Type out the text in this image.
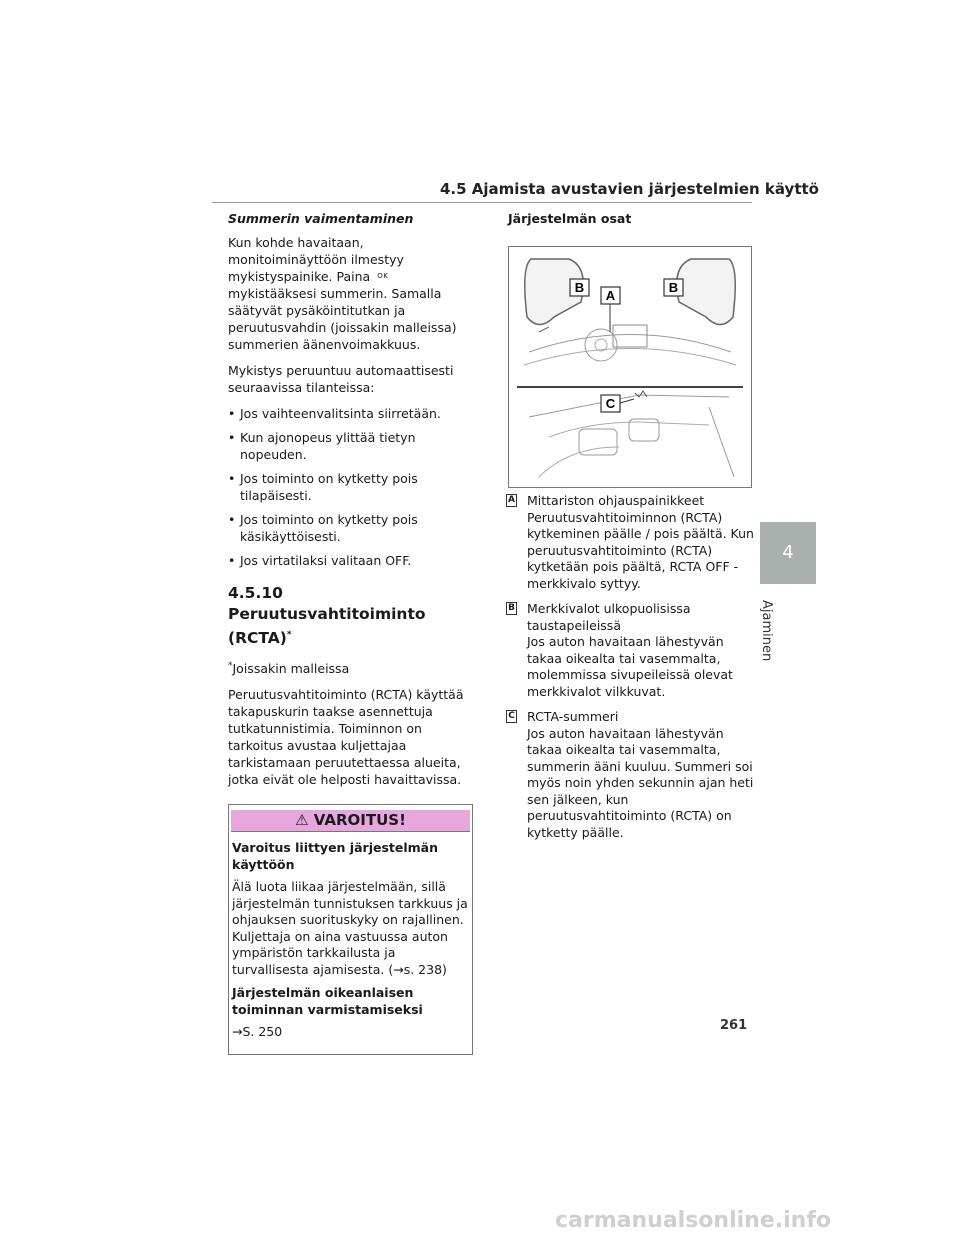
4.5 Ajamista avustavien järjestelmien käyttö
Summerin vaimentaminen

Kun kohde havaitaan, monitoiminäyttöön ilmestyy mykistyspainike. Paina $^{OK}$ mykistääksesi summerin. Samalla säätyvät pysäköintitutkan ja peruutusvahdin (joissakin malleissa) summerien äänenvoimakkuus.

Mykistys peruuntuu automaattisesti seuraavissa tilanteissa:

• Jos vaihteenvalitsinta siirretään.
• Kun ajonopeus ylittää tietyn nopeuden.
• Jos toiminto on kytketty pois tilapäisesti.
• Jos toiminto on kytketty pois käsikäyttöisesti.
• Jos virtatilaksi valitaan OFF.
4.5.10 Peruutusvahtitoiminto (RCTA)*

*Joissakin malleissa

Peruutusvahtitoiminto (RCTA) käyttää takapuskurin taakse asennettuja tutkatunnistimia. Toiminnon on tarkoitus avustaa kuljettajaa tarkistamaan peruutettaessa alueita, jotka eivät ole helposti havaittavissa.

⚠ VAROITUS!
Varoitus liittyen järjestelmän käyttöön

Älä luota liikaa järjestelmään, sillä järjestelmän tunnistuksen tarkkuus ja ohjauksen suorituskyky on rajallinen. Kuljettaja on aina vastuussa auton ympäristön tarkkailusta ja turvallisesta ajamisesta. (→s. 238)

Järjestelmän oikeanlaisen toiminnan varmistamiseksi

→S. 250

Järjestelmän osat
B	B
A
C
A Mittariston ohjauspainikkeet
Peruutusvahtitoiminnon (RCTA) kytkeminen päälle / pois päältä. Kun peruutusvahtitoiminto (RCTA) kytketään pois päältä, RCTA OFF -merkkivalo syttyy.
B Merkkivalot ulkopuolisissa taustapeileissä
Jos auton havaitaan lähestyvän takaa oikealta tai vasemmalta, molemmissa sivupeileissä olevat merkkivalot vilkkuvat.
C RCTA-summeri
Jos auton havaitaan lähestyvän takaa oikealta tai vasemmalta, summerin ääni kuuluu. Summeri soi myös noin yhden sekunnin ajan heti sen jälkeen, kun peruutusvahtitoiminto (RCTA) on kytketty päälle.
4
Ajaminen
261
carmanualsonline.info
